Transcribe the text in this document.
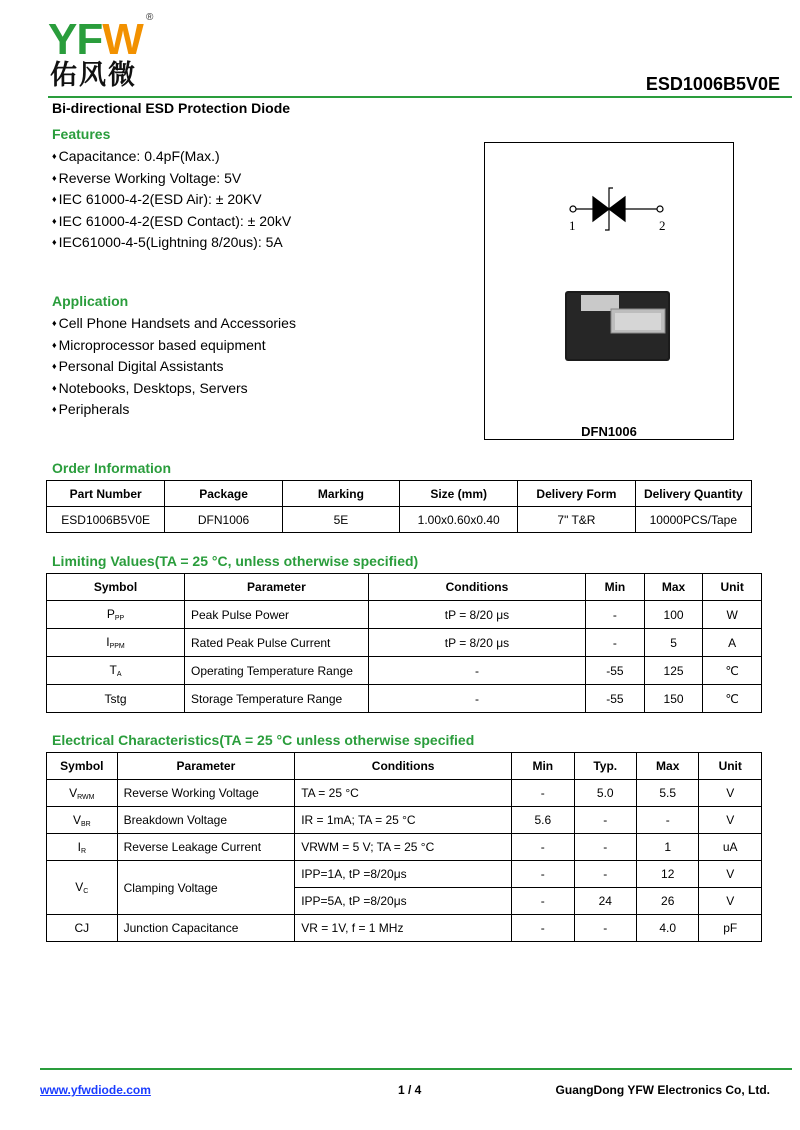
YFW ®
佑风微	ESD1006B5V0E
Bi-directional ESD Protection Diode
Features
♦ Capacitance: 0.4pF(Max.)
♦ Reverse Working Voltage: 5V
♦ IEC 61000-4-2(ESD Air): ± 20KV
♦ IEC 61000-4-2(ESD Contact): ± 20kV
♦ IEC61000-4-5(Lightning 8/20us): 5A
Application
♦ Cell Phone Handsets and Accessories
♦ Microprocessor based equipment
♦ Personal Digital Assistants
♦ Notebooks, Desktops, Servers
♦ Peripherals
1	2
DFN1006
Order Information
Part Number	Package	Marking	Size (mm)	Delivery Form	Delivery Quantity
ESD1006B5V0E	DFN1006	5E	1.00x0.60x0.40	7" T&R	10000PCS/Tape
Limiting Values(TA = 25 °C, unless otherwise specified)
Symbol	Parameter	Conditions	Min	Max	Unit
$P_{PP}$	Peak Pulse Power	tP = 8/20 μs	-	100	W
$I_{PPM}$	Rated Peak Pulse Current	tP = 8/20 μs	-	5	A
$T_A$	Operating Temperature Range	-	-55	125	℃
Tstg	Storage Temperature Range	-	-55	150	℃
Electrical Characteristics(TA = 25 °C unless otherwise specified
Symbol	Parameter	Conditions	Min	Typ.	Max	Unit
$V_{RWM}$	Reverse Working Voltage	TA = 25 °C	-	5.0	5.5	V
$V_{BR}$	Breakdown Voltage	IR = 1mA; TA = 25 °C	5.6	-	-	V
$I_R$	Reverse Leakage Current	VRWM = 5 V; TA = 25 °C	-	-	1	uA
$V_C$	Clamping Voltage	IPP=1A, tP =8/20μs	-	-	12	V
		IPP=5A, tP =8/20μs	-	24	26	V
CJ	Junction Capacitance	VR = 1V, f = 1 MHz	-	-	4.0	pF
www.yfwdiode.com	1 / 4	GuangDong YFW Electronics Co, Ltd.
